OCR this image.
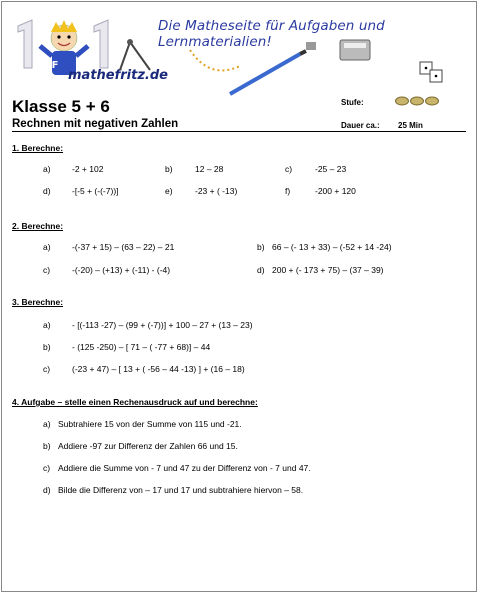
Die Matheseite für Aufgaben und Lernmaterialien!
mathefritz.de
F
Klasse 5 + 6
Rechnen mit negativen Zahlen
Stufe:
Dauer ca.: 25 Min
1. Berechne:
a)	-2 + 102	b)	12 – 28	c)	-25 – 23
d)	-[-5 + (-(-7))]	e)	-23 + ( -13)	f)	-200 + 120
2. Berechne:
a)	-(-37 + 15) – (63 – 22) – 21	b) 66 – (- 13 + 33) – (-52 + 14 -24)
c)	-(-20) – (+13) + (-11) - (-4)	d) 200 + (- 173 + 75) – (37 – 39)
3. Berechne:
a)	- [(-113 -27) – (99 + (-7))] + 100 – 27 + (13 – 23)
b)	- (125 -250) – [ 71 – ( -77 + 68)] – 44
c)	(-23 + 47) – [ 13 + ( -56 – 44 -13) ] + (16 – 18)
4. Aufgabe – stelle einen Rechenausdruck auf und berechne:
a) Subtrahiere 15 von der Summe von 115 und -21.
b) Addiere -97 zur Differenz der Zahlen 66 und 15.
c) Addiere die Summe von - 7 und 47 zu der Differenz von - 7 und 47.
d) Bilde die Differenz von – 17 und 17 und subtrahiere hiervon – 58.
